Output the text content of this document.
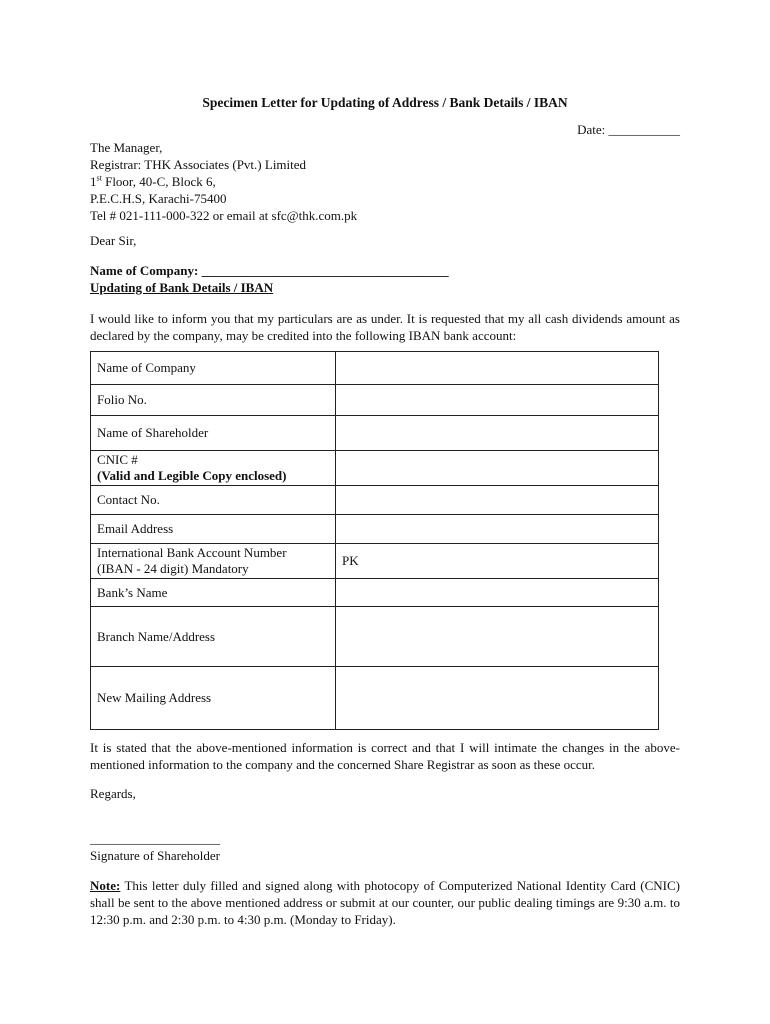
Specimen Letter for Updating of Address / Bank Details / IBAN
Date: ___________
The Manager,
Registrar: THK Associates (Pvt.) Limited
1st Floor, 40-C, Block 6,
P.E.C.H.S, Karachi-75400
Tel # 021-111-000-322 or email at sfc@thk.com.pk
Dear Sir,
Name of Company: ______________________________________
Updating of Bank Details / IBAN
I would like to inform you that my particulars are as under. It is requested that my all cash dividends amount as declared by the company, may be credited into the following IBAN bank account:
Name of Company	
Folio No.	
Name of Shareholder	

CNIC #
(Valid and Legible Copy enclosed)	

Contact No.	
Email Address	

International Bank Account Number
(IBAN - 24 digit) Mandatory	PK
Bank’s Name	
Branch Name/Address	
New Mailing Address	
It is stated that the above-mentioned information is correct and that I will intimate the changes in the above-mentioned information to the company and the concerned Share Registrar as soon as these occur.
Regards,
____________________
Signature of Shareholder
Note: This letter duly filled and signed along with photocopy of Computerized National Identity Card (CNIC) shall be sent to the above mentioned address or submit at our counter, our public dealing timings are 9:30 a.m. to 12:30 p.m. and 2:30 p.m. to 4:30 p.m. (Monday to Friday).
